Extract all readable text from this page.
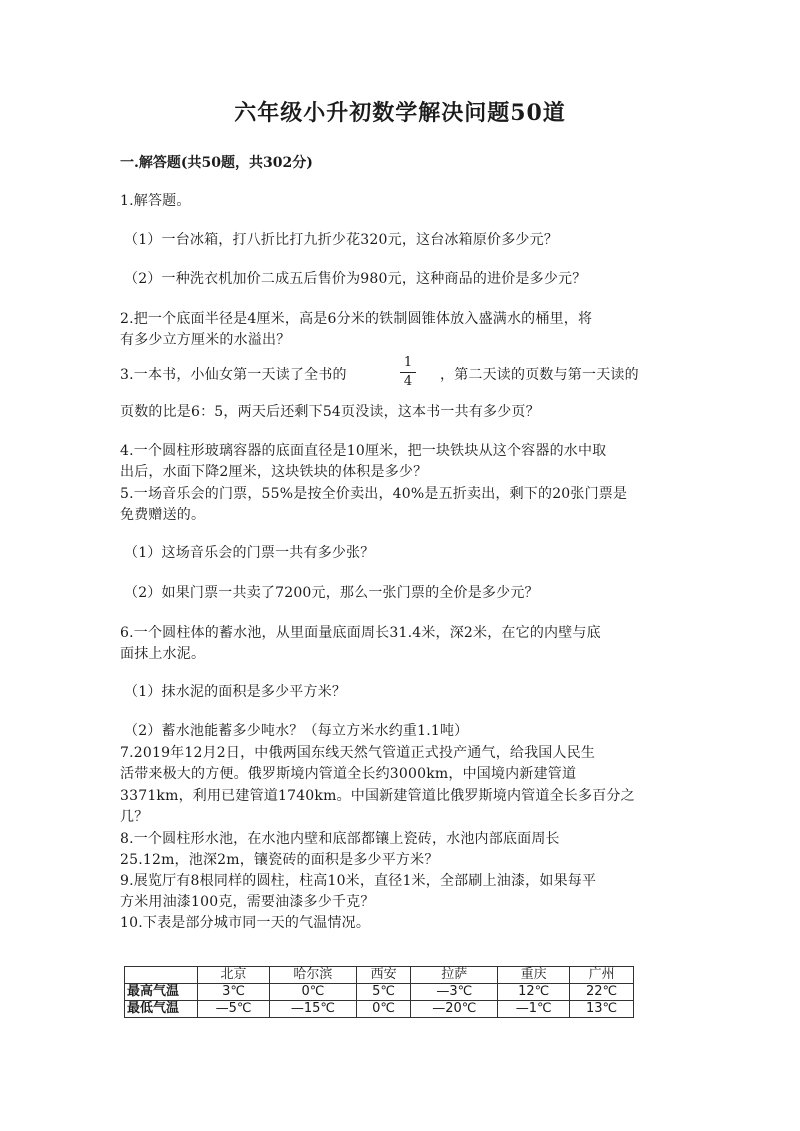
六年级小升初数学解决问题50道
一.解答题(共50题，共302分)
1.解答题。
（1）一台冰箱，打八折比打九折少花320元，这台冰箱原价多少元？
（2）一种洗衣机加价二成五后售价为980元，这种商品的进价是多少元？
2.把一个底面半径是4厘米，高是6分米的铁制圆锥体放入盛满水的桶里，将
有多少立方厘米的水溢出？
3.一本书，小仙女第一天读了全书的
1
4	，第二天读的页数与第一天读的
页数的比是6：5，两天后还剩下54页没读，这本书一共有多少页？
4.一个圆柱形玻璃容器的底面直径是10厘米，把一块铁块从这个容器的水中取
出后，水面下降2厘米，这块铁块的体积是多少？
5.一场音乐会的门票，55%是按全价卖出，40%是五折卖出，剩下的20张门票是
免费赠送的。
（1）这场音乐会的门票一共有多少张？
（2）如果门票一共卖了7200元，那么一张门票的全价是多少元？
6.一个圆柱体的蓄水池，从里面量底面周长31.4米，深2米，在它的内壁与底
面抹上水泥。
（1）抹水泥的面积是多少平方米？
（2）蓄水池能蓄多少吨水？（每立方米水约重1.1吨）
7.2019年12月2日，中俄两国东线天然气管道正式投产通气，给我国人民生
活带来极大的方便。俄罗斯境内管道全长约3000km，中国境内新建管道
3371km，利用已建管道1740km。中国新建管道比俄罗斯境内管道全长多百分之
几？
8.一个圆柱形水池，在水池内壁和底部都镶上瓷砖，水池内部底面周长
25.12m，池深2m，镶瓷砖的面积是多少平方米？
9.展览厅有8根同样的圆柱，柱高10米，直径1米，全部刷上油漆，如果每平
方米用油漆100克，需要油漆多少千克？
10.下表是部分城市同一天的气温情况。
	北京	哈尔滨	西安	拉萨	重庆	广州
最高气温	3℃	0℃	5℃	—3℃	12℃	22℃
最低气温	—5℃	—15℃	0℃	—20℃	—1℃	13℃
